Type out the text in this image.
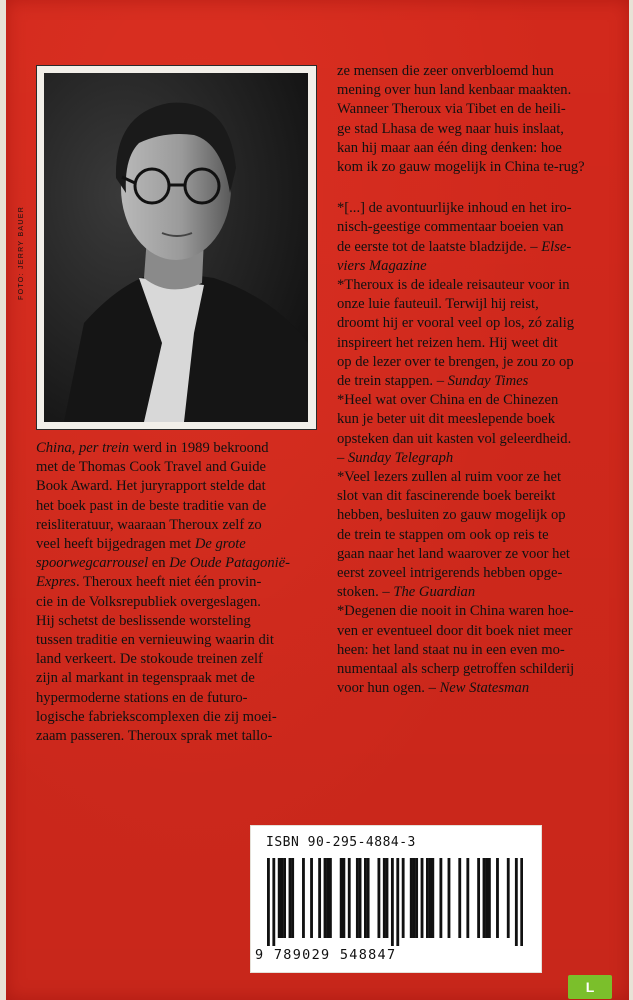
FOTO: JERRY BAUER
China, per trein werd in 1989 bekroond
met de Thomas Cook Travel and Guide
Book Award. Het juryrapport stelde dat
het boek past in de beste traditie van de
reisliteratuur, waaraan Theroux zelf zo
veel heeft bijgedragen met De grote
spoorwegcarrousel en De Oude Patagonië-
Expres. Theroux heeft niet één provin-
cie in de Volksrepubliek overgeslagen.
Hij schetst de beslissende worsteling
tussen traditie en vernieuwing waarin dit
land verkeert. De stokoude treinen zelf
zijn al markant in tegenspraak met de
hypermoderne stations en de futuro-
logische fabriekscomplexen die zij moei-
zaam passeren. Theroux sprak met tallo-
ze mensen die zeer onverbloemd hun
mening over hun land kenbaar maakten.
Wanneer Theroux via Tibet en de heili-
ge stad Lhasa de weg naar huis inslaat,
kan hij maar aan één ding denken: hoe
kom ik zo gauw mogelijk in China te-rug?
*[...] de avontuurlijke inhoud en het iro-
nisch-geestige commentaar boeien van
de eerste tot de laatste bladzijde. – Else-
viers Magazine
*Theroux is de ideale reisauteur voor in
onze luie fauteuil. Terwijl hij reist,
droomt hij er vooral veel op los, zó zalig
inspireert het reizen hem. Hij weet dit
op de lezer over te brengen, je zou zo op
de trein stappen. – Sunday Times
*Heel wat over China en de Chinezen
kun je beter uit dit meeslepende boek
opsteken dan uit kasten vol geleerdheid.
– Sunday Telegraph
*Veel lezers zullen al ruim voor ze het
slot van dit fascinerende boek bereikt
hebben, besluiten zo gauw mogelijk op
de trein te stappen om ook op reis te
gaan naar het land waarover ze voor het
eerst zoveel intrigerends hebben opge-
stoken. – The Guardian
*Degenen die nooit in China waren hoe-
ven er eventueel door dit boek niet meer
heen: het land staat nu in een even mo-
numentaal als scherp getroffen schilderij
voor hun ogen. – New Statesman
ISBN 90-295-4884-3
9 789029 548847
L
